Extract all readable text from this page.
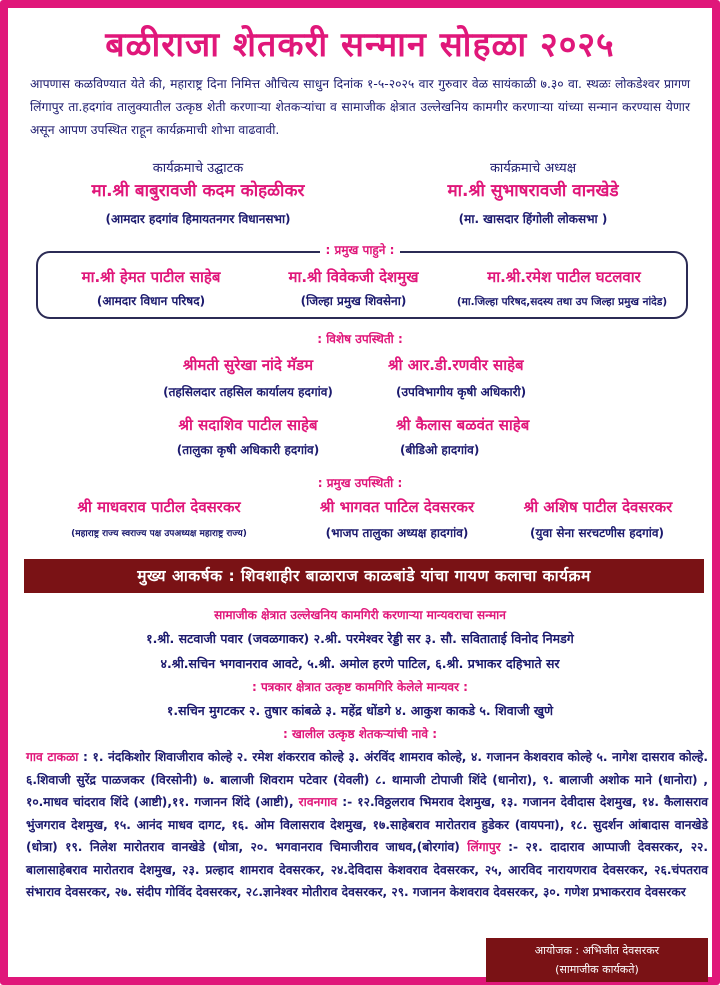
बळीराजा शेतकरी सन्मान सोहळा २०२५
आपणास कळविण्यात येते की, महाराष्ट्र दिना निमित्त औचित्य साधुन दिनांक १-५-२०२५ वार गुरुवार वेळ सायंकाळी ७.३० वा. स्थळः लोकडेश्वर प्रागण लिंगापुर ता.हदगांव तालुक्यातील उत्कृष्ठ शेती करणाऱ्या शेतकऱ्यांचा व सामाजीक क्षेत्रात उल्लेखनिय कामगीर करणाऱ्या यांच्या सन्मान करण्यास येणार असून आपण उपस्थित राहून कार्यक्रमाची शोभा वाढवावी.
कार्यक्रमाचे उद्घाटक
मा.श्री बाबुरावजी कदम कोहळीकर
(आमदार हदगांव हिमायतनगर विधानसभा)
कार्यक्रमाचे अध्यक्ष
मा.श्री सुभाषरावजी वानखेडे
(मा. खासदार हिंगोली लोकसभा )
: प्रमुख पाहुने :
मा.श्री हेमत पाटील साहेब
(आमदार विधान परिषद)
मा.श्री विवेकजी देशमुख
(जिल्हा प्रमुख शिवसेना)
मा.श्री.रमेश पाटील घटलवार
(मा.जिल्हा परिषद,सदस्य तथा उप जिल्हा प्रमुख नांदेड)
: विशेष उपस्थिती :
श्रीमती सुरेखा नांदे मॅडम
(तहसिलदार तहसिल कार्यालय हदगांव)
श्री आर.डी.रणवीर साहेब
(उपविभागीय कृषी अधिकारी)
श्री सदाशिव पाटील साहेब
(तालुका कृषी अधिकारी हदगांव)
श्री कैलास बळवंत साहेब
(बीडिओ हादगांव)
: प्रमुख उपस्थिती :
श्री माधवराव पाटील देवसरकर
(महाराष्ट्र राज्य स्वराज्य पक्ष उपअध्यक्ष महाराष्ट्र राज्य)
श्री भागवत पाटिल देवसरकर
(भाजप तालुका अध्यक्ष हादगांव)
श्री अशिष पाटील देवसरकर
(युवा सेना सरचटणीस हदगांव)
मुख्य आकर्षक : शिवशाहीर बाळाराज काळबांडे यांचा गायण कलाचा कार्यक्रम
सामाजीक क्षेत्रात उल्लेखनिय कामगिरी करणाऱ्या मान्यवराचा सन्मान
१.श्री. सटवाजी पवार (जवळगाकर) २.श्री. परमेश्वर रेड्डी सर ३. सौ. सविताताई विनोद निमडगे
४.श्री.सचिन भगवानराव आवटे, ५.श्री. अमोल हरणे पाटिल, ६.श्री. प्रभाकर दहिभाते सर
: पत्रकार क्षेत्रात उत्कृष्ट कामगिरि केलेले मान्यवर :
१.सचिन मुगटकर २. तुषार कांबळे ३. महेंद्र धोंडगे ४. आकुश काकडे ५. शिवाजी खुणे
: खालील उत्कृष्ठ शेतकऱ्यांची नावे :
गाव टाकळा : १. नंदकिशोर शिवाजीराव कोल्हे २. रमेश शंकरराव कोल्हे ३. अंरविंद शामराव कोल्हे, ४. गजानन केशवराव कोल्हे ५. नागेश दासराव कोल्हे. ६.शिवाजी सुरेंद्र पाळजकर (विरसोनी) ७. बालाजी शिवराम पटेवार (येवली) ८. थामाजी टोपाजी शिंदे (धानोरा), ९. बालाजी अशोक माने (धानोरा) , १०.माधव चांदराव शिंदे (आष्टी),११. गजानन शिंदे (आष्टी), रावनगाव :- १२.विठ्ठलराव भिमराव देशमुख, १३. गजानन देवीदास देशमुख, १४. कैलासराव भुंजगराव देशमुख, १५. आनंद माधव दागट, १६. ओम विलासराव देशमुख, १७.साहेबराव मारोतराव हुडेकर (वायपना), १८. सुदर्शन आंबादास वानखेडे (धोत्रा) १९. निलेश मारोतराव वानखेडे (धोत्रा, २०. भगवानराव चिमाजीराव जाधव,(बोरगांव) लिंगापुर :- २१. दादाराव आप्पाजी देवसरकर, २२. बालासाहेबराव मारोतराव देशमुख, २३. प्रल्हाद शामराव देवसरकर, २४.देविदास केशवराव देवसरकर, २५, आरविद नारायणराव देवसरकर, २६.चंपतराव संभाराव देवसरकर, २७. संदीप गोविंद देवसरकर, २८.ज्ञानेश्वर मोतीराव देवसरकर, २९. गजानन केशवराव देवसरकर, ३०. गणेश प्रभाकरराव देवसरकर
आयोजक : अभिजीत देवसरकर
(सामाजीक कार्यकते)
